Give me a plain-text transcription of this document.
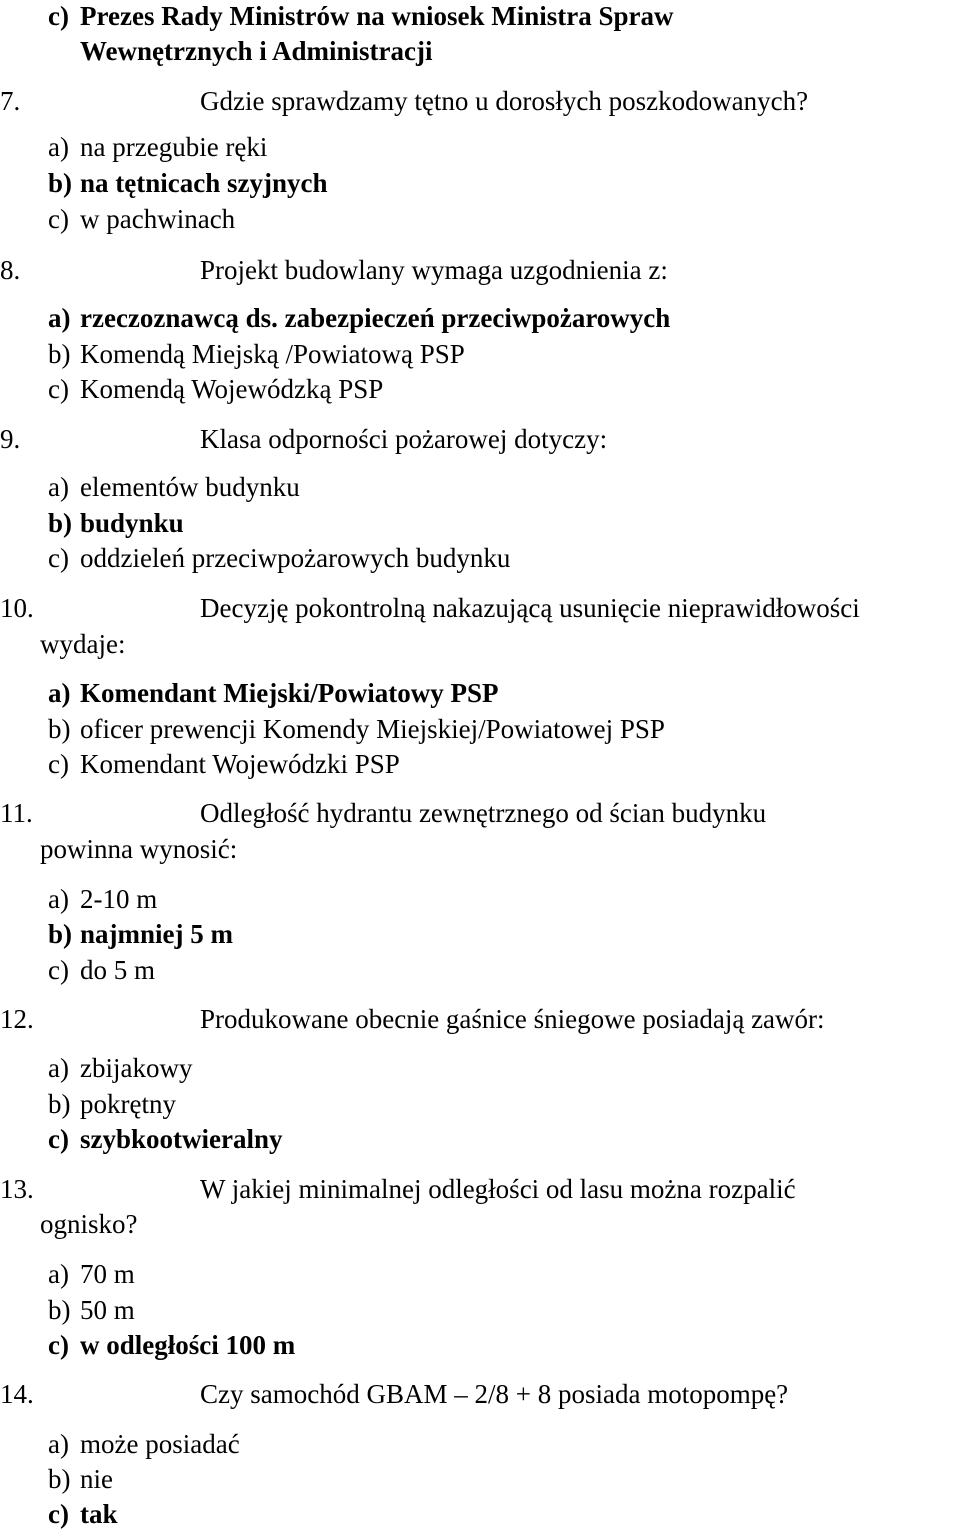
c) Prezes Rady Ministrów na wniosek Ministra Spraw
Wewnętrznych i Administracji
7.	Gdzie sprawdzamy tętno u dorosłych poszkodowanych?
a) na przegubie ręki
b) na tętnicach szyjnych
c) w pachwinach
8.	Projekt budowlany wymaga uzgodnienia z:
a) rzeczoznawcą ds. zabezpieczeń przeciwpożarowych
b) Komendą Miejską /Powiatową PSP
c) Komendą Wojewódzką PSP
9.	Klasa odporności pożarowej dotyczy:
a) elementów budynku
b) budynku
c) oddzieleń przeciwpożarowych budynku
10.	Decyzję pokontrolną nakazującą usunięcie nieprawidłowości
wydaje:
a) Komendant Miejski/Powiatowy PSP
b) oficer prewencji Komendy Miejskiej/Powiatowej PSP
c) Komendant Wojewódzki PSP
11.	Odległość hydrantu zewnętrznego od ścian budynku
powinna wynosić:
a) 2-10 m
b) najmniej 5 m
c) do 5 m
12.	Produkowane obecnie gaśnice śniegowe posiadają zawór:
a) zbijakowy
b) pokrętny
c) szybkootwieralny
13.	W jakiej minimalnej odległości od lasu można rozpalić
ognisko?
a) 70 m
b) 50 m
c) w odległości 100 m
14.	Czy samochód GBAM – 2/8 + 8 posiada motopompę?
a) może posiadać
b) nie
c) tak
